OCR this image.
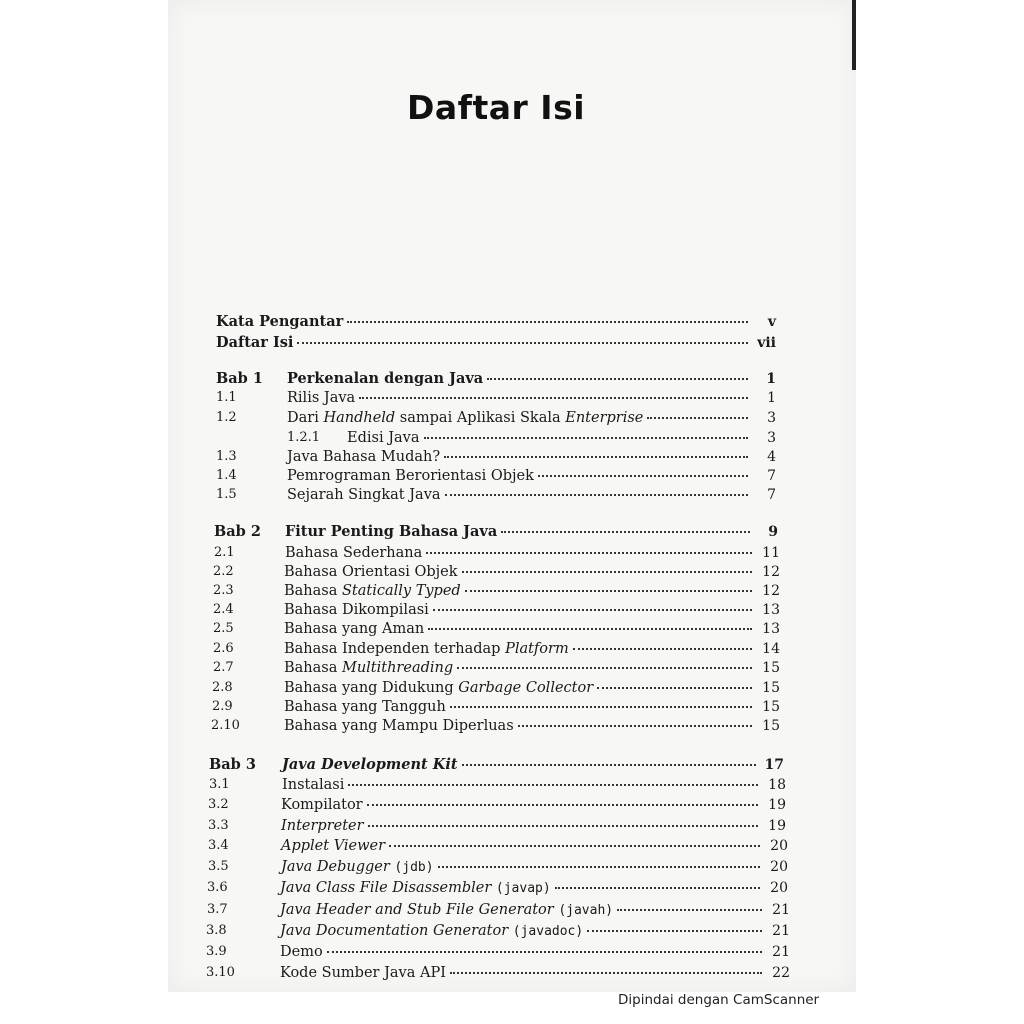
Daftar Isi
Kata Pengantar	v
Daftar Isi	vii
Bab 1 Perkenalan dengan Java	1
1.1	Rilis Java	1
1.2	Dari Handheld sampai Aplikasi Skala Enterprise	3
1.2.1 Edisi Java	3
1.3	Java Bahasa Mudah?	4
1.4	Pemrograman Berorientasi Objek	7
1.5	Sejarah Singkat Java	7
Bab 2 Fitur Penting Bahasa Java	9
2.1	Bahasa Sederhana	11
2.2	Bahasa Orientasi Objek	12
2.3	Bahasa Statically Typed	12
2.4	Bahasa Dikompilasi	13
2.5	Bahasa yang Aman	13
2.6	Bahasa Independen terhadap Platform	14
2.7	Bahasa Multithreading	15
2.8	Bahasa yang Didukung Garbage Collector	15
2.9	Bahasa yang Tangguh	15
2.10	Bahasa yang Mampu Diperluas	15
Bab 3 Java Development Kit	17
3.1	Instalasi	18
3.2	Kompilator	19
3.3	Interpreter	19
3.4	Applet Viewer	20
3.5	Java Debugger (jdb)	20
3.6	Java Class File Disassembler (javap)	20
3.7	Java Header and Stub File Generator (javah)	21
3.8	Java Documentation Generator (javadoc)	21
3.9	Demo	21
3.10	Kode Sumber Java API	22
Dipindai dengan CamScanner
